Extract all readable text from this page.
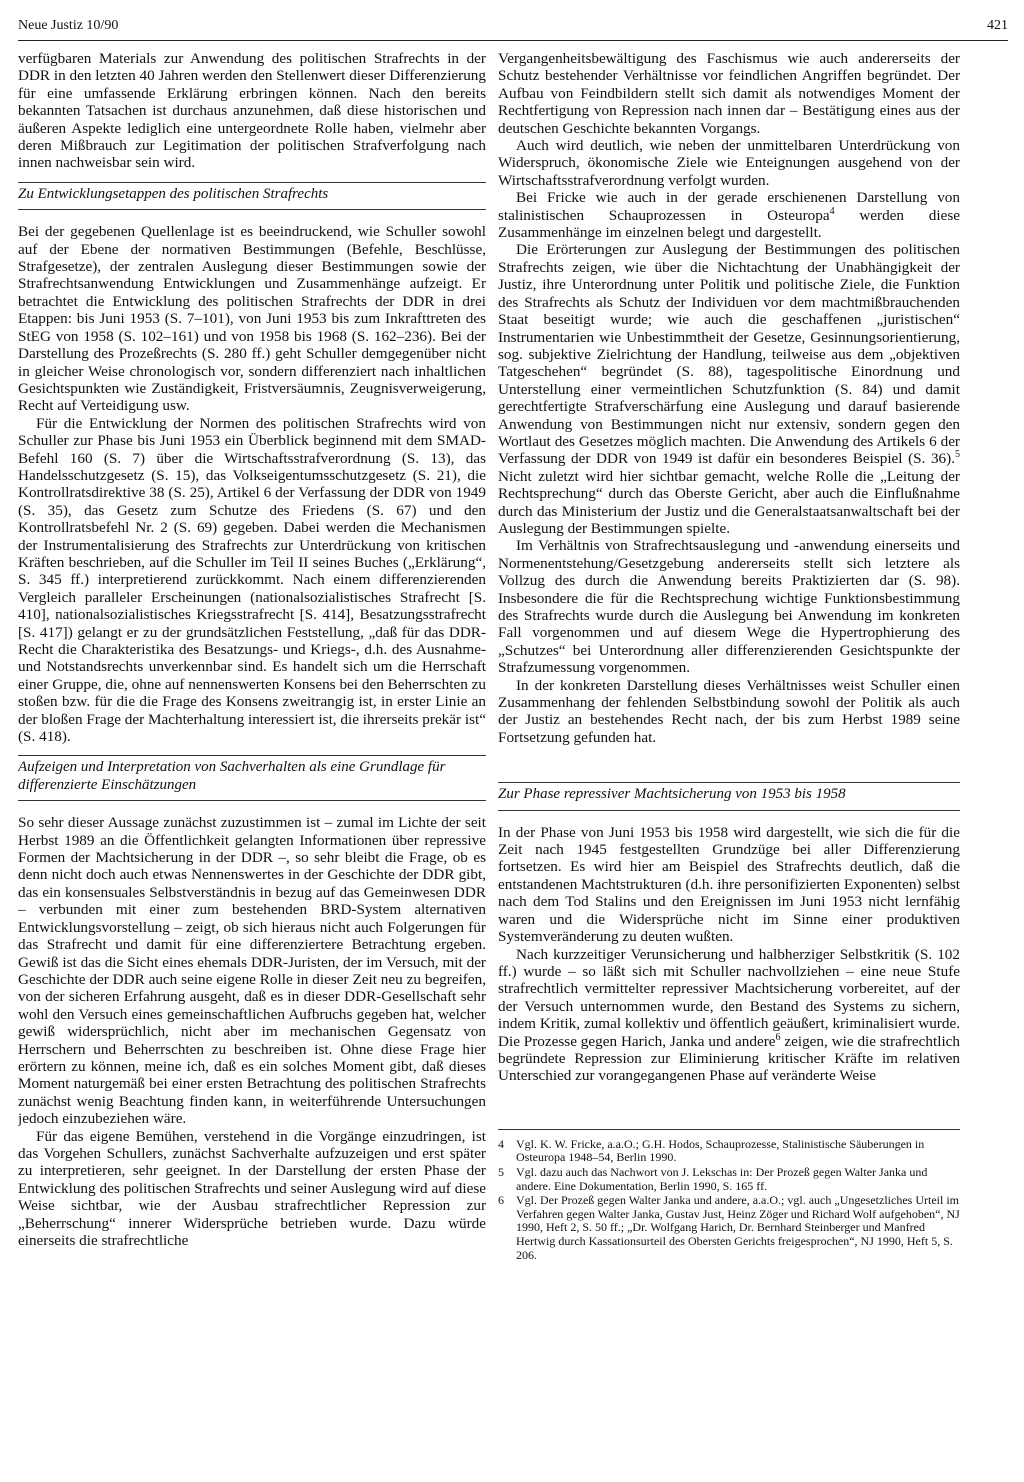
Neue Justiz 10/90	421

verfügbaren Materials zur Anwendung des politischen Strafrechts in der DDR in den letzten 40 Jahren werden den Stellenwert dieser Differenzierung für eine umfassende Erklärung erbringen können. Nach den bereits bekannten Tatsachen ist durchaus anzunehmen, daß diese historischen und äußeren Aspekte lediglich eine untergeordnete Rolle haben, vielmehr aber deren Mißbrauch zur Legitimation der politischen Strafverfolgung nach innen nachweisbar sein wird.

Zu Entwicklungsetappen des politischen Strafrechts

Bei der gegebenen Quellenlage ist es beeindruckend, wie Schuller sowohl auf der Ebene der normativen Bestimmungen (Befehle, Beschlüsse, Strafgesetze), der zentralen Auslegung dieser Bestimmungen sowie der Strafrechtsanwendung Entwicklungen und Zusammenhänge aufzeigt. Er betrachtet die Entwicklung des politischen Strafrechts der DDR in drei Etappen: bis Juni 1953 (S. 7–101), von Juni 1953 bis zum Inkrafttreten des StEG von 1958 (S. 102–161) und von 1958 bis 1968 (S. 162–236). Bei der Darstellung des Prozeßrechts (S. 280 ff.) geht Schuller demgegenüber nicht in gleicher Weise chronologisch vor, sondern differenziert nach inhaltlichen Gesichtspunkten wie Zuständigkeit, Fristversäumnis, Zeugnisverweigerung, Recht auf Verteidigung usw.

Für die Entwicklung der Normen des politischen Strafrechts wird von Schuller zur Phase bis Juni 1953 ein Überblick beginnend mit dem SMAD-Befehl 160 (S. 7) über die Wirtschaftsstrafverordnung (S. 13), das Handelsschutzgesetz (S. 15), das Volkseigentumsschutzgesetz (S. 21), die Kontrollratsdirektive 38 (S. 25), Artikel 6 der Verfassung der DDR von 1949 (S. 35), das Gesetz zum Schutze des Friedens (S. 67) und den Kontrollratsbefehl Nr. 2 (S. 69) gegeben. Dabei werden die Mechanismen der Instrumentalisierung des Strafrechts zur Unterdrückung von kritischen Kräften beschrieben, auf die Schuller im Teil II seines Buches („Erklärung“, S. 345 ff.) interpretierend zurückkommt. Nach einem differenzierenden Vergleich paralleler Erscheinungen (nationalsozialistisches Strafrecht [S. 410], nationalsozialistisches Kriegsstrafrecht [S. 414], Besatzungsstrafrecht [S. 417]) gelangt er zu der grundsätzlichen Feststellung, „daß für das DDR-Recht die Charakteristika des Besatzungs- und Kriegs-, d.h. des Ausnahme- und Notstandsrechts unverkennbar sind. Es handelt sich um die Herrschaft einer Gruppe, die, ohne auf nennenswerten Konsens bei den Beherrschten zu stoßen bzw. für die die Frage des Konsens zweitrangig ist, in erster Linie an der bloßen Frage der Machterhaltung interessiert ist, die ihrerseits prekär ist“ (S. 418).

Aufzeigen und Interpretation von Sachverhalten als eine Grundlage für differenzierte Einschätzungen

So sehr dieser Aussage zunächst zuzustimmen ist – zumal im Lichte der seit Herbst 1989 an die Öffentlichkeit gelangten Informationen über repressive Formen der Machtsicherung in der DDR –, so sehr bleibt die Frage, ob es denn nicht doch auch etwas Nennenswertes in der Geschichte der DDR gibt, das ein konsensuales Selbstverständnis in bezug auf das Gemeinwesen DDR – verbunden mit einer zum bestehenden BRD-System alternativen Entwicklungsvorstellung – zeigt, ob sich hieraus nicht auch Folgerungen für das Strafrecht und damit für eine differenziertere Betrachtung ergeben. Gewiß ist das die Sicht eines ehemals DDR-Juristen, der im Versuch, mit der Geschichte der DDR auch seine eigene Rolle in dieser Zeit neu zu begreifen, von der sicheren Erfahrung ausgeht, daß es in dieser DDR-Gesellschaft sehr wohl den Versuch eines gemeinschaftlichen Aufbruchs gegeben hat, welcher gewiß widersprüchlich, nicht aber im mechanischen Gegensatz von Herrschern und Beherrschten zu beschreiben ist. Ohne diese Frage hier erörtern zu können, meine ich, daß es ein solches Moment gibt, daß dieses Moment naturgemäß bei einer ersten Betrachtung des politischen Strafrechts zunächst wenig Beachtung finden kann, in weiterführende Untersuchungen jedoch einzubeziehen wäre.

Für das eigene Bemühen, verstehend in die Vorgänge einzudringen, ist das Vorgehen Schullers, zunächst Sachverhalte aufzuzeigen und erst später zu interpretieren, sehr geeignet. In der Darstellung der ersten Phase der Entwicklung des politischen Strafrechts und seiner Auslegung wird auf diese Weise sichtbar, wie der Ausbau strafrechtlicher Repression zur „Beherrschung“ innerer Widersprüche betrieben wurde. Dazu würde einerseits die strafrechtliche

Vergangenheitsbewältigung des Faschismus wie auch andererseits der Schutz bestehender Verhältnisse vor feindlichen Angriffen begründet. Der Aufbau von Feindbildern stellt sich damit als notwendiges Moment der Rechtfertigung von Repression nach innen dar – Bestätigung eines aus der deutschen Geschichte bekannten Vorgangs.

Auch wird deutlich, wie neben der unmittelbaren Unterdrückung von Widerspruch, ökonomische Ziele wie Enteignungen ausgehend von der Wirtschaftsstrafverordnung verfolgt wurden.

Bei Fricke wie auch in der gerade erschienenen Darstellung von stalinistischen Schauprozessen in Osteuropa$^4$ werden diese Zusammenhänge im einzelnen belegt und dargestellt.

Die Erörterungen zur Auslegung der Bestimmungen des politischen Strafrechts zeigen, wie über die Nichtachtung der Unabhängigkeit der Justiz, ihre Unterordnung unter Politik und politische Ziele, die Funktion des Strafrechts als Schutz der Individuen vor dem machtmißbrauchenden Staat beseitigt wurde; wie auch die geschaffenen „juristischen“ Instrumentarien wie Unbestimmtheit der Gesetze, Gesinnungsorientierung, sog. subjektive Zielrichtung der Handlung, teilweise aus dem „objektiven Tatgeschehen“ begründet (S. 88), tagespolitische Einordnung und Unterstellung einer vermeintlichen Schutzfunktion (S. 84) und damit gerechtfertigte Strafverschärfung eine Auslegung und darauf basierende Anwendung von Bestimmungen nicht nur extensiv, sondern gegen den Wortlaut des Gesetzes möglich machten. Die Anwendung des Artikels 6 der Verfassung der DDR von 1949 ist dafür ein besonderes Beispiel (S. 36).$^5$ Nicht zuletzt wird hier sichtbar gemacht, welche Rolle die „Leitung der Rechtsprechung“ durch das Oberste Gericht, aber auch die Einflußnahme durch das Ministerium der Justiz und die Generalstaatsanwaltschaft bei der Auslegung der Bestimmungen spielte.

Im Verhältnis von Strafrechtsauslegung und -anwendung einerseits und Normenentstehung/Gesetzgebung andererseits stellt sich letztere als Vollzug des durch die Anwendung bereits Praktizierten dar (S. 98). Insbesondere die für die Rechtsprechung wichtige Funktionsbestimmung des Strafrechts wurde durch die Auslegung bei Anwendung im konkreten Fall vorgenommen und auf diesem Wege die Hypertrophierung des „Schutzes“ bei Unterordnung aller differenzierenden Gesichtspunkte der Strafzumessung vorgenommen.

In der konkreten Darstellung dieses Verhältnisses weist Schuller einen Zusammenhang der fehlenden Selbstbindung sowohl der Politik als auch der Justiz an bestehendes Recht nach, der bis zum Herbst 1989 seine Fortsetzung gefunden hat.

Zur Phase repressiver Machtsicherung von 1953 bis 1958

In der Phase von Juni 1953 bis 1958 wird dargestellt, wie sich die für die Zeit nach 1945 festgestellten Grundzüge bei aller Differenzierung fortsetzen. Es wird hier am Beispiel des Strafrechts deutlich, daß die entstandenen Machtstrukturen (d.h. ihre personifizierten Exponenten) selbst nach dem Tod Stalins und den Ereignissen im Juni 1953 nicht lernfähig waren und die Widersprüche nicht im Sinne einer produktiven Systemveränderung zu deuten wußten.

Nach kurzzeitiger Verunsicherung und halbherziger Selbstkritik (S. 102 ff.) wurde – so läßt sich mit Schuller nachvollziehen – eine neue Stufe strafrechtlich vermittelter repressiver Machtsicherung vorbereitet, auf der der Versuch unternommen wurde, den Bestand des Systems zu sichern, indem Kritik, zumal kollektiv und öffentlich geäußert, kriminalisiert wurde. Die Prozesse gegen Harich, Janka und andere$^6$ zeigen, wie die strafrechtlich begründete Repression zur Eliminierung kritischer Kräfte im relativen Unterschied zur vorangegangenen Phase auf veränderte Weise

4	Vgl. K. W. Fricke, a.a.O.; G.H. Hodos, Schauprozesse, Stalinistische Säuberungen in Osteuropa 1948–54, Berlin 1990.
5	Vgl. dazu auch das Nachwort von J. Lekschas in: Der Prozeß gegen Walter Janka und andere. Eine Dokumentation, Berlin 1990, S. 165 ff.
6	Vgl. Der Prozeß gegen Walter Janka und andere, a.a.O.; vgl. auch „Ungesetzliches Urteil im Verfahren gegen Walter Janka, Gustav Just, Heinz Zöger und Richard Wolf aufgehoben“, NJ 1990, Heft 2, S. 50 ff.; „Dr. Wolfgang Harich, Dr. Bernhard Steinberger und Manfred Hertwig durch Kassationsurteil des Obersten Gerichts freigesprochen“, NJ 1990, Heft 5, S. 206.
